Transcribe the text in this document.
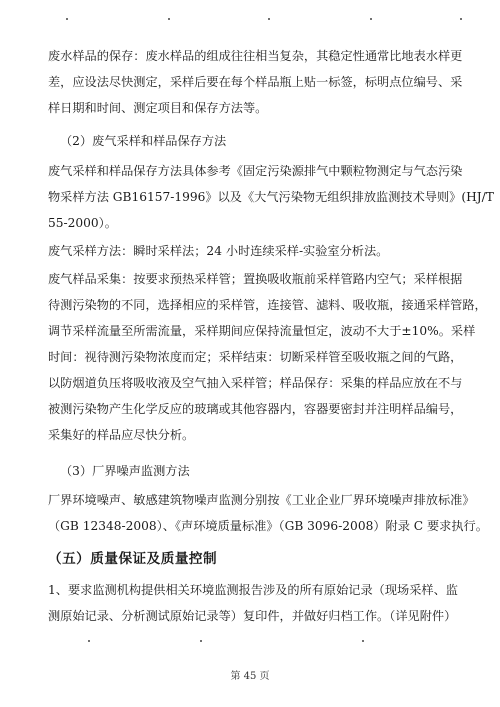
废水样品的保存：废水样品的组成往往相当复杂，其稳定性通常比地表水样更
差，应设法尽快测定，采样后要在每个样品瓶上贴一标签，标明点位编号、采
样日期和时间、测定项目和保存方法等。
（2）废气采样和样品保存方法
废气采样和样品保存方法具体参考《固定污染源排气中颗粒物测定与气态污染
物采样方法 GB16157-1996》以及《大气污染物无组织排放监测技术导则》(HJ/T
55-2000）。
废气采样方法：瞬时采样法；24 小时连续采样-实验室分析法。
废气样品采集：按要求预热采样管；置换吸收瓶前采样管路内空气；采样根据
待测污染物的不同，选择相应的采样管，连接管、滤料、吸收瓶，接通采样管路，
调节采样流量至所需流量，采样期间应保持流量恒定，波动不大于±10%。采样
时间：视待测污染物浓度而定；采样结束：切断采样管至吸收瓶之间的气路，
以防烟道负压将吸收液及空气抽入采样管；样品保存：采集的样品应放在不与
被测污染物产生化学反应的玻璃或其他容器内，容器要密封并注明样品编号，
采集好的样品应尽快分析。
（3）厂界噪声监测方法
厂界环境噪声、敏感建筑物噪声监测分别按《工业企业厂界环境噪声排放标准》
（GB 12348-2008）、《声环境质量标准》（GB 3096-2008）附录 C 要求执行。
（五）质量保证及质量控制
1、要求监测机构提供相关环境监测报告涉及的所有原始记录（现场采样、监
测原始记录、分析测试原始记录等）复印件，并做好归档工作。（详见附件）
第 45 页
